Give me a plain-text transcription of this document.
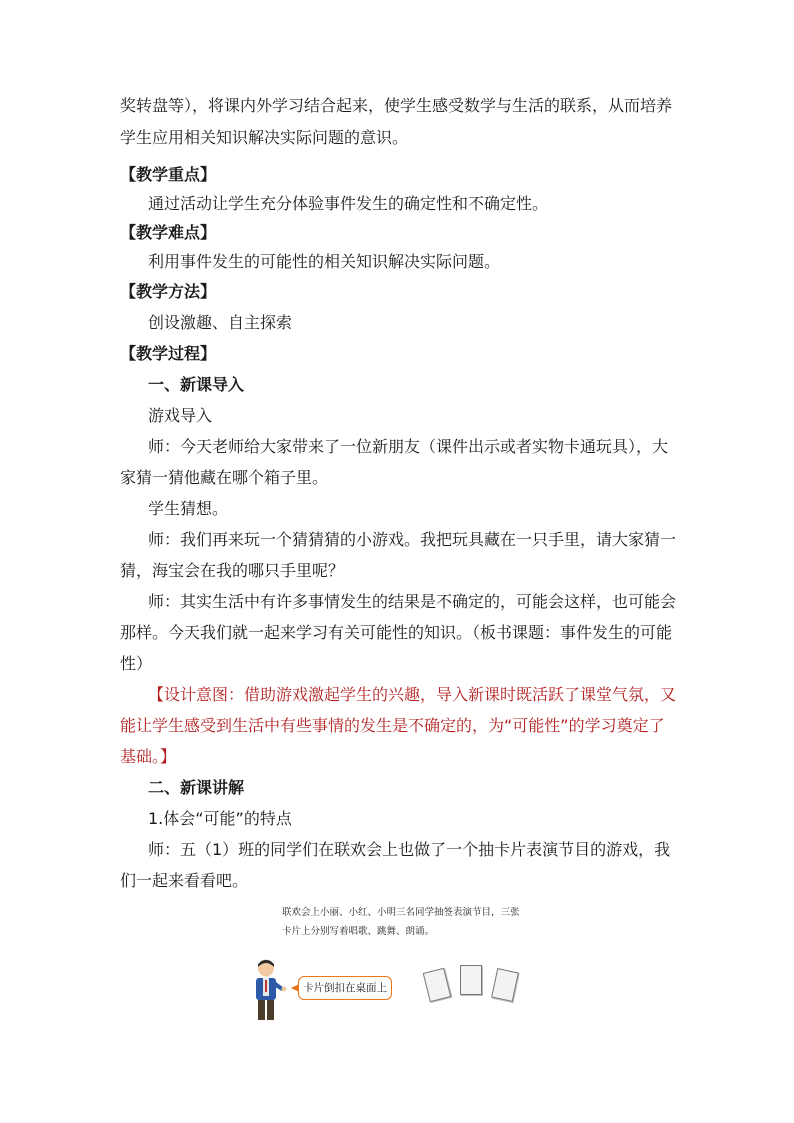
奖转盘等），将课内外学习结合起来，使学生感受数学与生活的联系，从而培养
学生应用相关知识解决实际问题的意识。
【教学重点】
通过活动让学生充分体验事件发生的确定性和不确定性。
【教学难点】
利用事件发生的可能性的相关知识解决实际问题。
【教学方法】
创设激趣、自主探索
【教学过程】
一、新课导入
游戏导入
师：今天老师给大家带来了一位新朋友（课件出示或者实物卡通玩具），大
家猜一猜他藏在哪个箱子里。
学生猜想。
师：我们再来玩一个猜猜猜的小游戏。我把玩具藏在一只手里，请大家猜一
猜，海宝会在我的哪只手里呢？
师：其实生活中有许多事情发生的结果是不确定的，可能会这样，也可能会
那样。今天我们就一起来学习有关可能性的知识。（板书课题：事件发生的可能
性）
【设计意图：借助游戏激起学生的兴趣，导入新课时既活跃了课堂气氛，又
能让学生感受到生活中有些事情的发生是不确定的，为“可能性”的学习奠定了
基础。】
二、新课讲解
1.体会“可能”的特点
师：五（1）班的同学们在联欢会上也做了一个抽卡片表演节目的游戏，我
们一起来看看吧。
联欢会上小丽、小红、小明三名同学抽签表演节目，三张
卡片上分别写着唱歌、跳舞、朗诵。
卡片倒扣在桌面上
